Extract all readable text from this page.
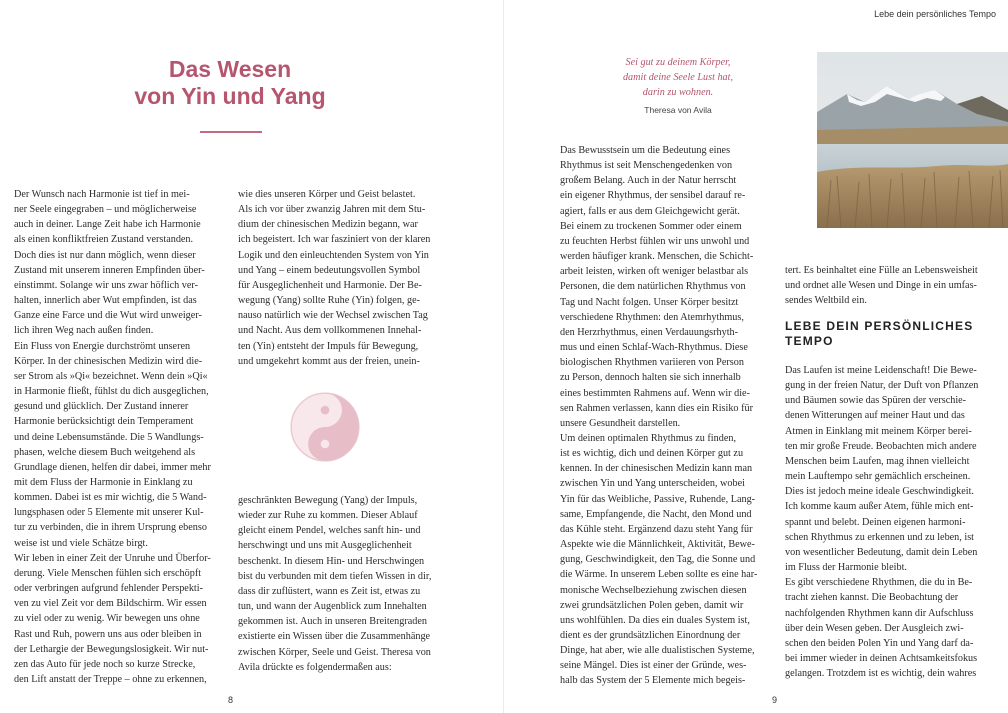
Das Wesen
von Yin und Yang

Der Wunsch nach Harmonie ist tief in mei-

ner Seele eingegraben – und möglicherweise

auch in deiner. Lange Zeit habe ich Harmonie

als einen konfliktfreien Zustand verstanden.

Doch dies ist nur dann möglich, wenn dieser

Zustand mit unserem inneren Empfinden über-

einstimmt. Solange wir uns zwar höflich ver-

halten, innerlich aber Wut empfinden, ist das

Ganze eine Farce und die Wut wird unweiger-

lich ihren Weg nach außen finden.

Ein Fluss von Energie durchströmt unseren

Körper. In der chinesischen Medizin wird die-

ser Strom als »Qi« bezeichnet. Wenn dein »Qi«

in Harmonie fließt, fühlst du dich ausgeglichen,

gesund und glücklich. Der Zustand innerer

Harmonie berücksichtigt dein Temperament

und deine Lebensumstände. Die 5 Wandlungs-

phasen, welche diesem Buch weitgehend als

Grundlage dienen, helfen dir dabei, immer mehr

mit dem Fluss der Harmonie in Einklang zu

kommen. Dabei ist es mir wichtig, die 5 Wand-

lungsphasen oder 5 Elemente mit unserer Kul-

tur zu verbinden, die in ihrem Ursprung ebenso

weise ist und viele Schätze birgt.

Wir leben in einer Zeit der Unruhe und Überfor-

derung. Viele Menschen fühlen sich erschöpft

oder verbringen aufgrund fehlender Perspekti-

ven zu viel Zeit vor dem Bildschirm. Wir essen

zu viel oder zu wenig. Wir bewegen uns ohne

Rast und Ruh, powern uns aus oder bleiben in

der Lethargie der Bewegungslosigkeit. Wir nut-

zen das Auto für jede noch so kurze Strecke,

den Lift anstatt der Treppe – ohne zu erkennen,

wie dies unseren Körper und Geist belastet.

Als ich vor über zwanzig Jahren mit dem Stu-

dium der chinesischen Medizin begann, war

ich begeistert. Ich war fasziniert von der klaren

Logik und den einleuchtenden System von Yin

und Yang – einem bedeutungsvollen Symbol

für Ausgeglichenheit und Harmonie. Der Be-

wegung (Yang) sollte Ruhe (Yin) folgen, ge-

nauso natürlich wie der Wechsel zwischen Tag

und Nacht. Aus dem vollkommenen Innehal-

ten (Yin) entsteht der Impuls für Bewegung,

und umgekehrt kommt aus der freien, unein-

geschränkten Bewegung (Yang) der Impuls,

wieder zur Ruhe zu kommen. Dieser Ablauf

gleicht einem Pendel, welches sanft hin- und

herschwingt und uns mit Ausgeglichenheit

beschenkt. In diesem Hin- und Herschwingen

bist du verbunden mit dem tiefen Wissen in dir,

dass dir zuflüstert, wann es Zeit ist, etwas zu

tun, und wann der Augenblick zum Innehalten

gekommen ist. Auch in unseren Breitengraden

existierte ein Wissen über die Zusammenhänge

zwischen Körper, Seele und Geist. Theresa von

Avila drückte es folgendermaßen aus:

8
Lebe dein persönliches Tempo
9

Sei gut zu deinem Körper,
damit deine Seele Lust hat,
darin zu wohnen.

Theresa von Avila

Das Bewusstsein um die Bedeutung eines

Rhythmus ist seit Menschengedenken von

großem Belang. Auch in der Natur herrscht

ein eigener Rhythmus, der sensibel darauf re-

agiert, falls er aus dem Gleichgewicht gerät.

Bei einem zu trockenen Sommer oder einem

zu feuchten Herbst fühlen wir uns unwohl und

werden häufiger krank. Menschen, die Schicht-

arbeit leisten, wirken oft weniger belastbar als

Personen, die dem natürlichen Rhythmus von

Tag und Nacht folgen. Unser Körper besitzt

verschiedene Rhythmen: den Atemrhythmus,

den Herzrhythmus, einen Verdauungsrhyth-

mus und einen Schlaf-Wach-Rhythmus. Diese

biologischen Rhythmen variieren von Person

zu Person, dennoch halten sie sich innerhalb

eines bestimmten Rahmens auf. Wenn wir die-

sen Rahmen verlassen, kann dies ein Risiko für

unsere Gesundheit darstellen.

Um deinen optimalen Rhythmus zu finden,

ist es wichtig, dich und deinen Körper gut zu

kennen. In der chinesischen Medizin kann man

zwischen Yin und Yang unterscheiden, wobei

Yin für das Weibliche, Passive, Ruhende, Lang-

same, Empfangende, die Nacht, den Mond und

das Kühle steht. Ergänzend dazu steht Yang für

Aspekte wie die Männlichkeit, Aktivität, Bewe-

gung, Geschwindigkeit, den Tag, die Sonne und

die Wärme. In unserem Leben sollte es eine har-

monische Wechselbeziehung zwischen diesen

zwei grundsätzlichen Polen geben, damit wir

uns wohlfühlen. Da dies ein duales System ist,

dient es der grundsätzlichen Einordnung der

Dinge, hat aber, wie alle dualistischen Systeme,

seine Mängel. Dies ist einer der Gründe, wes-

halb das System der 5 Elemente mich begeis-

tert. Es beinhaltet eine Fülle an Lebensweisheit

und ordnet alle Wesen und Dinge in ein umfas-

sendes Weltbild ein.

LEBE DEIN PERSÖNLICHES
TEMPO

Das Laufen ist meine Leidenschaft! Die Bewe-

gung in der freien Natur, der Duft von Pflanzen

und Bäumen sowie das Spüren der verschie-

denen Witterungen auf meiner Haut und das

Atmen in Einklang mit meinem Körper berei-

ten mir große Freude. Beobachten mich andere

Menschen beim Laufen, mag ihnen vielleicht

mein Lauftempo sehr gemächlich erscheinen.

Dies ist jedoch meine ideale Geschwindigkeit.

Ich komme kaum außer Atem, fühle mich ent-

spannt und belebt. Deinen eigenen harmoni-

schen Rhythmus zu erkennen und zu leben, ist

von wesentlicher Bedeutung, damit dein Leben

im Fluss der Harmonie bleibt.

Es gibt verschiedene Rhythmen, die du in Be-

tracht ziehen kannst. Die Beobachtung der

nachfolgenden Rhythmen kann dir Aufschluss

über dein Wesen geben. Der Ausgleich zwi-

schen den beiden Polen Yin und Yang darf da-

bei immer wieder in deinen Achtsamkeitsfokus

gelangen. Trotzdem ist es wichtig, dein wahres
